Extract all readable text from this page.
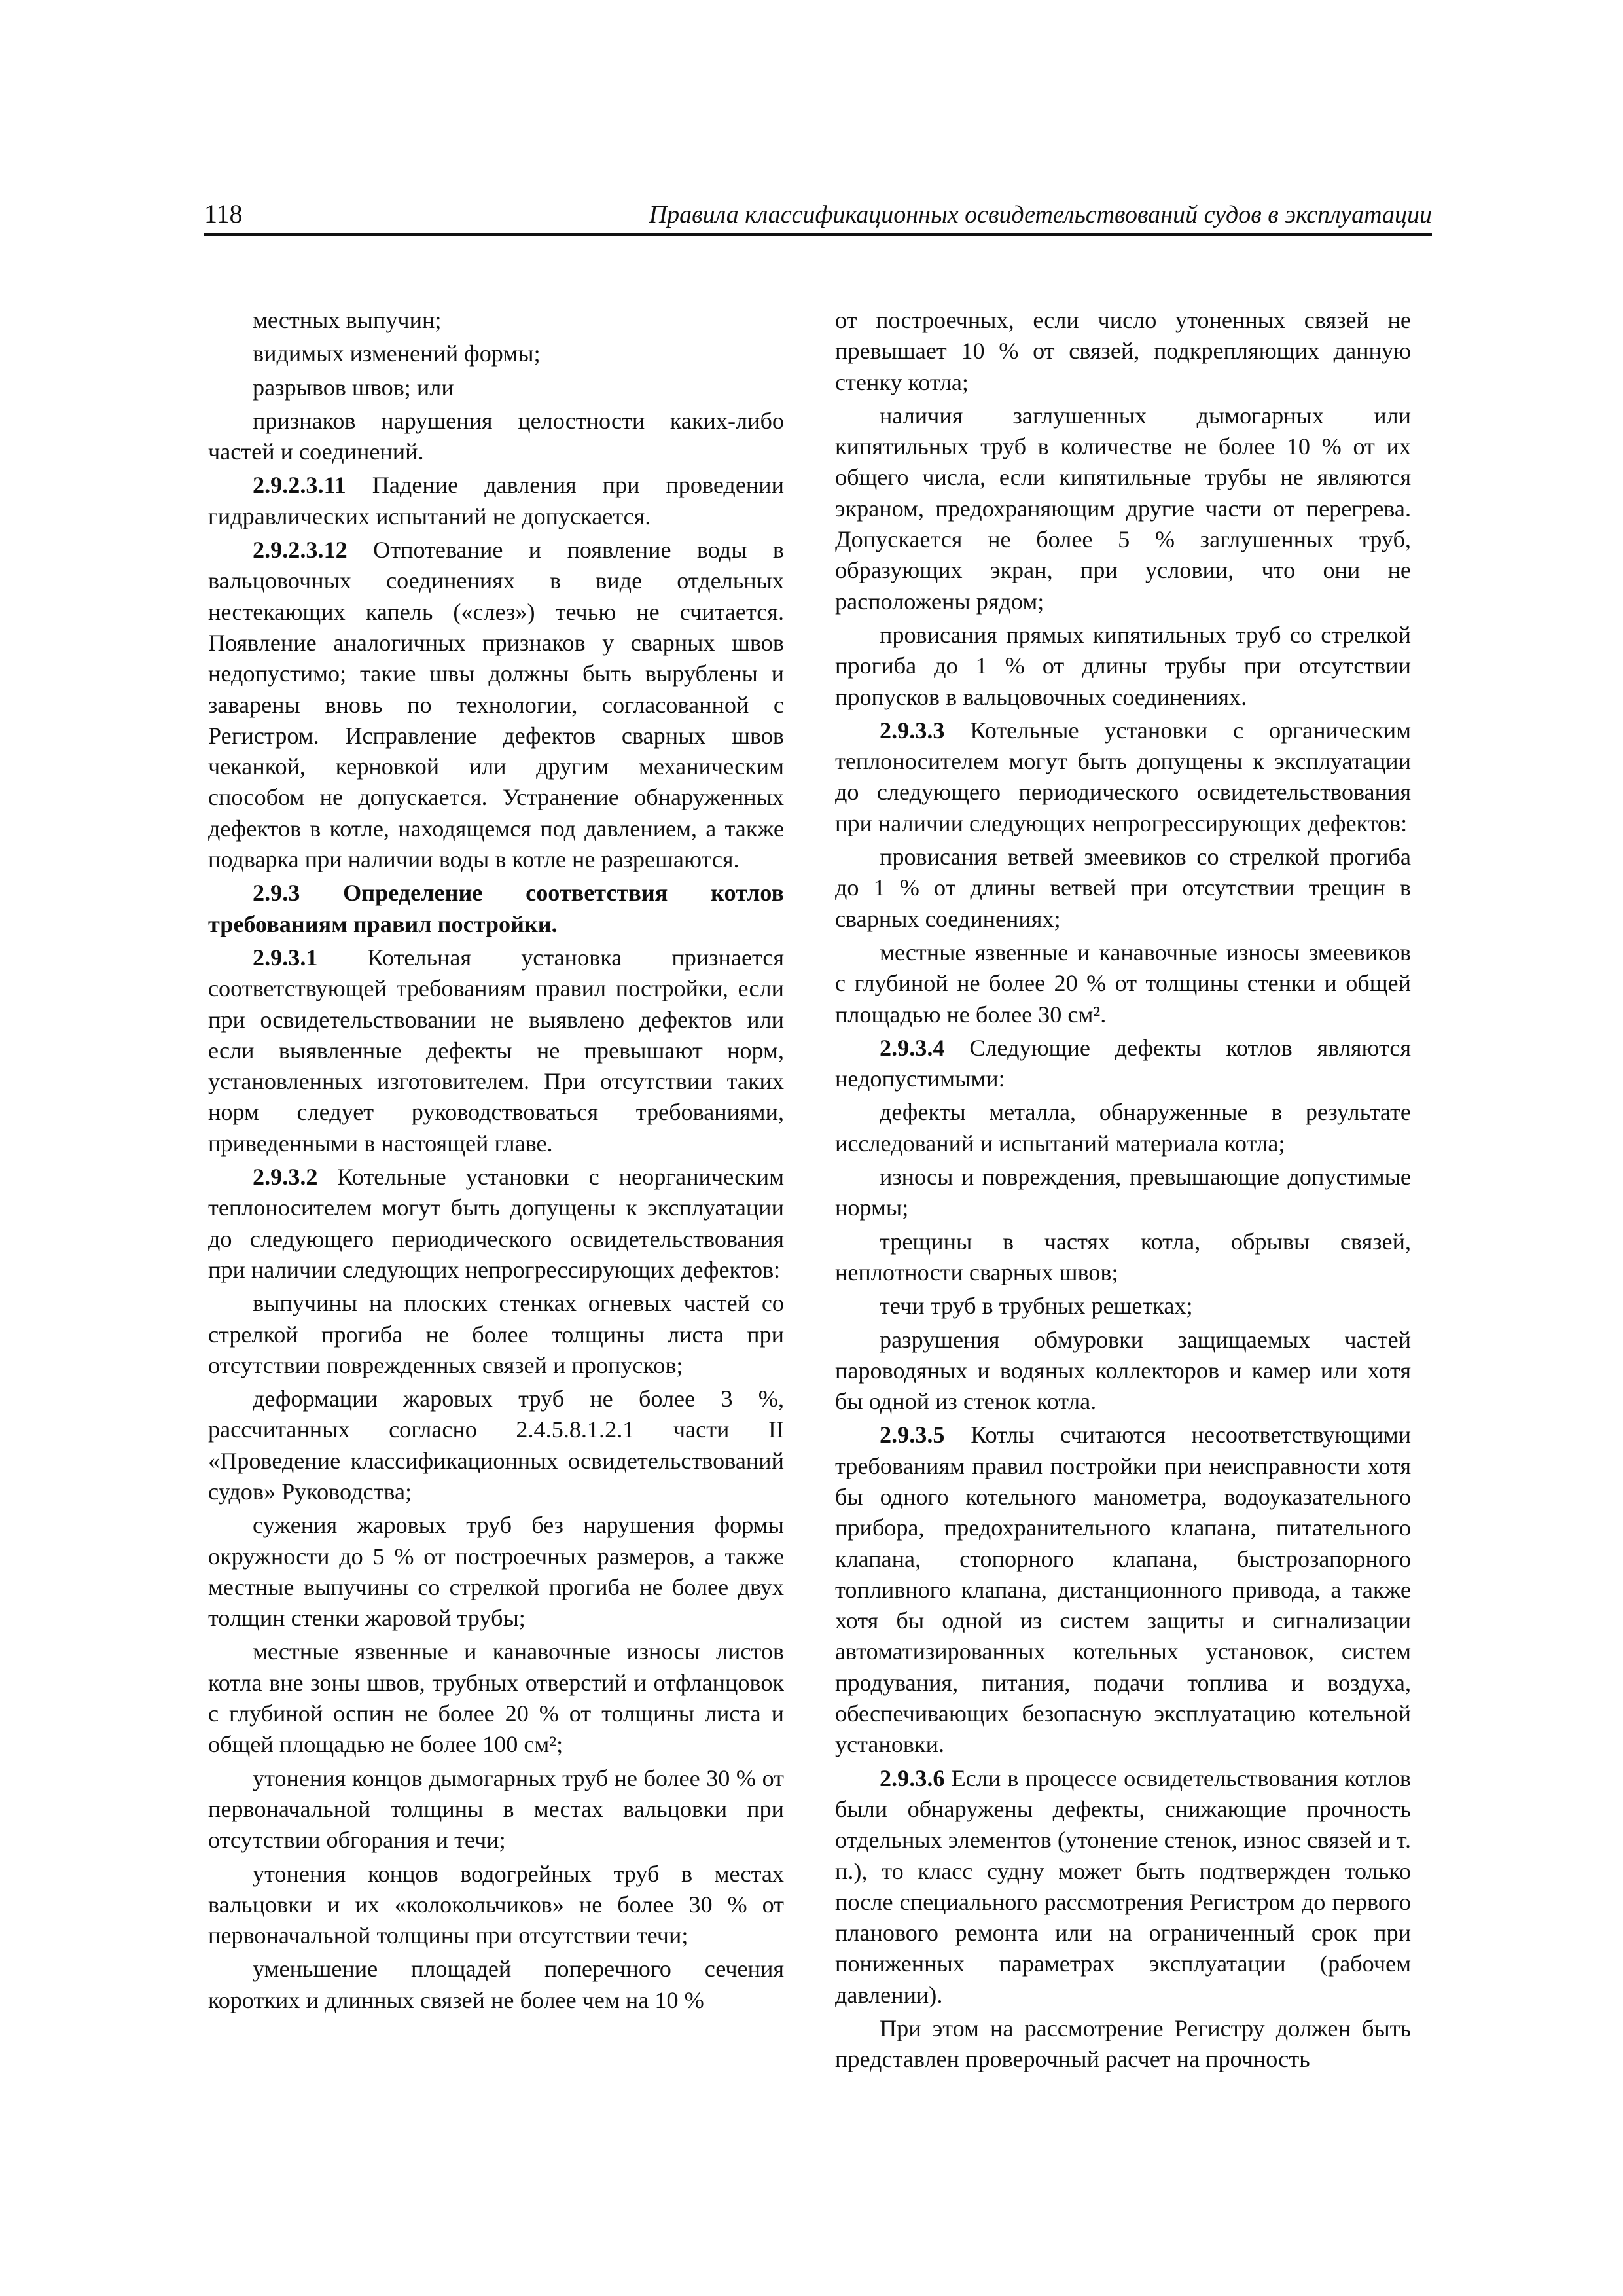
118	Правила классификационных освидетельствований судов в эксплуатации

местных выпучин;

видимых изменений формы;

разрывов швов; или

признаков нарушения целостности каких-либо частей и соединений.

2.9.2.3.11 Падение давления при проведении гидравлических испытаний не допускается.

2.9.2.3.12 Отпотевание и появление воды в вальцовочных соединениях в виде отдельных нестекающих капель («слез») течью не считается. Появление аналогичных признаков у сварных швов недопустимо; такие швы должны быть вырублены и заварены вновь по технологии, согласованной с Регистром. Исправление дефектов сварных швов чеканкой, керновкой или другим механическим способом не допускается. Устранение обнаруженных дефектов в котле, находящемся под давлением, а также подварка при наличии воды в котле не разрешаются.

2.9.3 Определение соответствия котлов требованиям правил постройки.

2.9.3.1 Котельная установка признается соответствующей требованиям правил постройки, если при освидетельствовании не выявлено дефектов или если выявленные дефекты не превышают норм, установленных изготовителем. При отсутствии таких норм следует руководствоваться требованиями, приведенными в настоящей главе.

2.9.3.2 Котельные установки с неорганическим теплоносителем могут быть допущены к эксплуатации до следующего периодического освидетельствования при наличии следующих непрогрессирующих дефектов:

выпучины на плоских стенках огневых частей со стрелкой прогиба не более толщины листа при отсутствии поврежденных связей и пропусков;

деформации жаровых труб не более 3 %, рассчитанных согласно 2.4.5.8.1.2.1 части II «Проведение классификационных освидетельствований судов» Руководства;

сужения жаровых труб без нарушения формы окружности до 5 % от построечных размеров, а также местные выпучины со стрелкой прогиба не более двух толщин стенки жаровой трубы;

местные язвенные и канавочные износы листов котла вне зоны швов, трубных отверстий и отфланцовок с глубиной оспин не более 20 % от толщины листа и общей площадью не более 100 см²;

утонения концов дымогарных труб не более 30 % от первоначальной толщины в местах вальцовки при отсутствии обгорания и течи;

утонения концов водогрейных труб в местах вальцовки и их «колокольчиков» не более 30 % от первоначальной толщины при отсутствии течи;

уменьшение площадей поперечного сечения коротких и длинных связей не более чем на 10 %

от построечных, если число утоненных связей не превышает 10 % от связей, подкрепляющих данную стенку котла;

наличия заглушенных дымогарных или кипятильных труб в количестве не более 10 % от их общего числа, если кипятильные трубы не являются экраном, предохраняющим другие части от перегрева. Допускается не более 5 % заглушенных труб, образующих экран, при условии, что они не расположены рядом;

провисания прямых кипятильных труб со стрелкой прогиба до 1 % от длины трубы при отсутствии пропусков в вальцовочных соединениях.

2.9.3.3 Котельные установки с органическим теплоносителем могут быть допущены к эксплуатации до следующего периодического освидетельствования при наличии следующих непрогрессирующих дефектов:

провисания ветвей змеевиков со стрелкой прогиба до 1 % от длины ветвей при отсутствии трещин в сварных соединениях;

местные язвенные и канавочные износы змеевиков с глубиной не более 20 % от толщины стенки и общей площадью не более 30 см².

2.9.3.4 Следующие дефекты котлов являются недопустимыми:

дефекты металла, обнаруженные в результате исследований и испытаний материала котла;

износы и повреждения, превышающие допустимые нормы;

трещины в частях котла, обрывы связей, неплотности сварных швов;

течи труб в трубных решетках;

разрушения обмуровки защищаемых частей пароводяных и водяных коллекторов и камер или хотя бы одной из стенок котла.

2.9.3.5 Котлы считаются несоответствующими требованиям правил постройки при неисправности хотя бы одного котельного манометра, водоуказательного прибора, предохранительного клапана, питательного клапана, стопорного клапана, быстрозапорного топливного клапана, дистанционного привода, а также хотя бы одной из систем защиты и сигнализации автоматизированных котельных установок, систем продувания, питания, подачи топлива и воздуха, обеспечивающих безопасную эксплуатацию котельной установки.

2.9.3.6 Если в процессе освидетельствования котлов были обнаружены дефекты, снижающие прочность отдельных элементов (утонение стенок, износ связей и т. п.), то класс судну может быть подтвержден только после специального рассмотрения Регистром до первого планового ремонта или на ограниченный срок при пониженных параметрах эксплуатации (рабочем давлении).

При этом на рассмотрение Регистру должен быть представлен проверочный расчет на прочность
